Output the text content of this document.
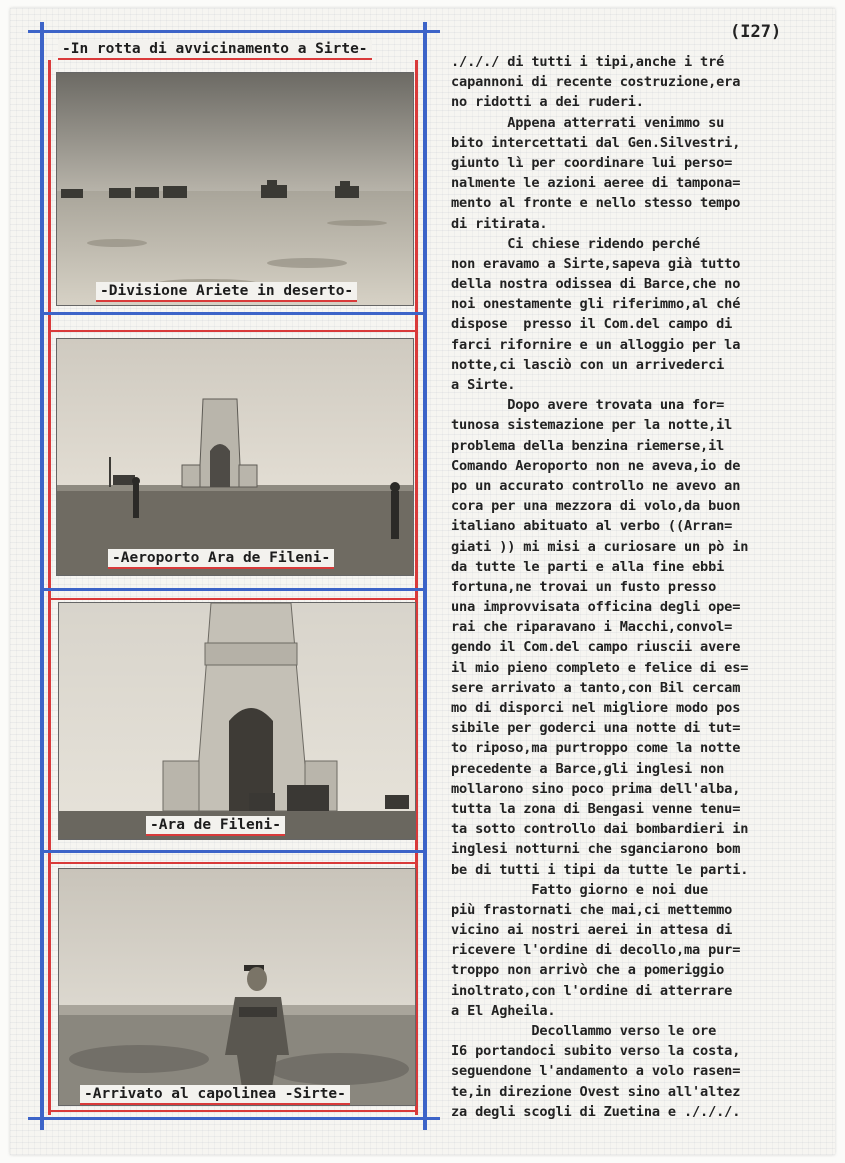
-In rotta di avvicinamento a Sirte-
-Divisione Ariete in deserto-
-Aeroporto Ara de Fileni-
-Ara de Fileni-
-Arrivato al capolinea -Sirte-
(I27)
./././ di tutti i tipi,anche i tré
capannoni di recente costruzione,era
no ridotti a dei ruderi.
Appena atterrati venimmo su
bito intercettati dal Gen.Silvestri,
giunto lì per coordinare lui perso=
nalmente le azioni aeree di tampona=
mento al fronte e nello stesso tempo
di ritirata.
Ci chiese ridendo perché
non eravamo a Sirte,sapeva già tutto
della nostra odissea di Barce,che no
noi onestamente gli riferimmo,al ché
dispose  presso il Com.del campo di
farci rifornire e un alloggio per la
notte,ci lasciò con un arrivederci
a Sirte.
Dopo avere trovata una for=
tunosa sistemazione per la notte,il
problema della benzina riemerse,il
Comando Aeroporto non ne aveva,io de
po un accurato controllo ne avevo an
cora per una mezzora di volo,da buon
italiano abituato al verbo ((Arran=
giati )) mi misi a curiosare un pò in
da tutte le parti e alla fine ebbi
fortuna,ne trovai un fusto presso
una improvvisata officina degli ope=
rai che riparavano i Macchi,convol=
gendo il Com.del campo riuscii avere
il mio pieno completo e felice di es=
sere arrivato a tanto,con Bil cercam
mo di disporci nel migliore modo pos
sibile per goderci una notte di tut=
to riposo,ma purtroppo come la notte
precedente a Barce,gli inglesi non
mollarono sino poco prima dell'alba,
tutta la zona di Bengasi venne tenu=
ta sotto controllo dai bombardieri in
inglesi notturni che sganciarono bom
be di tutti i tipi da tutte le parti.
Fatto giorno e noi due
più frastornati che mai,ci mettemmo
vicino ai nostri aerei in attesa di
ricevere l'ordine di decollo,ma pur=
troppo non arrivò che a pomeriggio
inoltrato,con l'ordine di atterrare
a El Agheila.
Decollammo verso le ore
I6 portandoci subito verso la costa,
seguendone l'andamento a volo rasen=
te,in direzione Ovest sino all'altez
za degli scogli di Zuetina e ./././.
